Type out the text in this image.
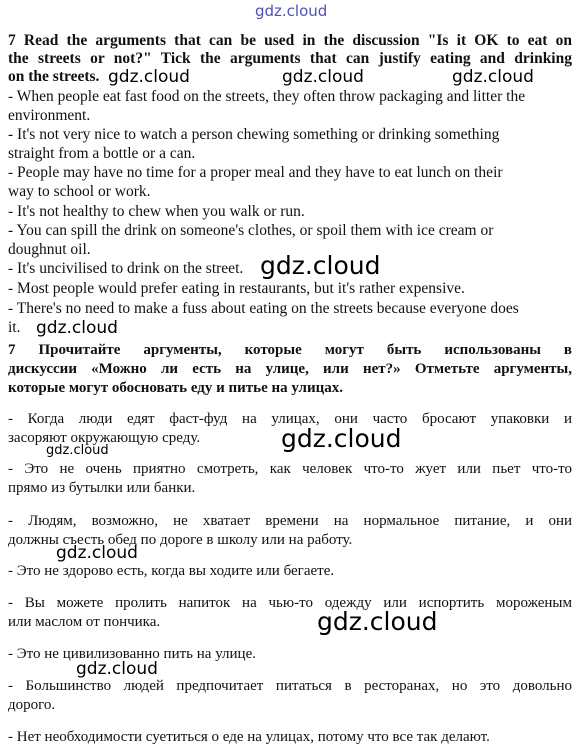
gdz.cloud
7 Read the arguments that can be used in the discussion "Is it OK to eat on
the streets or not?" Tick the arguments that can justify eating and drinking
on the streets.
- When people eat fast food on the streets, they often throw packaging and litter the
environment.
- It's not very nice to watch a person chewing something or drinking something
straight from a bottle or a can.
- People may have no time for a proper meal and they have to eat lunch on their
way to school or work.
- It's not healthy to chew when you walk or run.
- You can spill the drink on someone's clothes, or spoil them with ice cream or
doughnut oil.
- It's uncivilised to drink on the street.
- Most people would prefer eating in restaurants, but it's rather expensive.
- There's no need to make a fuss about eating on the streets because everyone does
it.
7 Прочитайте аргументы, которые могут быть использованы в
дискуссии «Можно ли есть на улице, или нет?» Отметьте аргументы,
которые могут обосновать еду и питье на улицах.
- Когда люди едят фаст-фуд на улицах, они часто бросают упаковки и
засоряют окружающую среду.
- Это не очень приятно смотреть, как человек что-то жует или пьет что-то
прямо из бутылки или банки.
- Людям, возможно, не хватает времени на нормальное питание, и они
должны съесть обед по дороге в школу или на работу.
- Это не здорово есть, когда вы ходите или бегаете.
- Вы можете пролить напиток на чью-то одежду или испортить мороженым
или маслом от пончика.
- Это не цивилизованно пить на улице.
- Большинство людей предпочитает питаться в ресторанах, но это довольно
дорого.
- Нет необходимости суетиться о еде на улицах, потому что все так делают.
gdz.cloud	gdz.cloud	gdz.cloud
gdz.cloud
gdz.cloud
gdz.cloud
gdz.cloud
gdz.cloud
gdz.cloud
gdz.cloud
